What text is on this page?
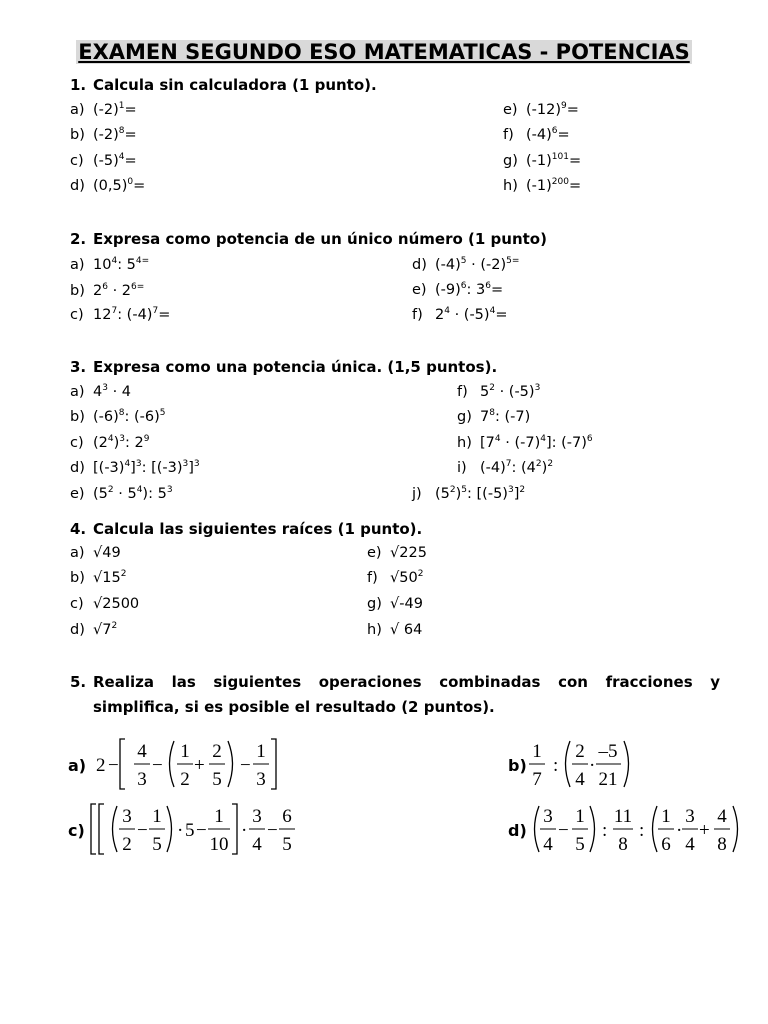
EXAMEN SEGUNDO ESO MATEMATICAS - POTENCIAS
1. Calcula sin calculadora (1 punto).
a) $(-2)^1=$
b) $(-2)^8=$
c) $(-5)^4=$
d) $(0,5)^0=$
e) $(-12)^9=$
f) $(-4)^6=$
g) $(-1)^{101}=$
h) $(-1)^{200}=$
2. Expresa como potencia de un único número (1 punto)
a) $10^4$: $5^{4=}$
b) $2^6 \cdot 2^{6=}$
c) $12^7$: $(-4)^7=$
d) $(-4)^5 \cdot (-2)^{5=}$
e) $(-9)^6$: $3^6=$
f) $2^4 \cdot (-5)^4=$
3. Expresa como una potencia única. (1,5 puntos).
a) $4^3 \cdot 4$
b) $(-6)^8$: $(-6)^5$
c) $(2^4)^3$: $2^9$
d) $[(-3)^4]^3$: $[(-3)^3]^3$
e) $(5^2 \cdot 5^4)$: $5^3$
f) $5^2 \cdot (-5)^3$
g) $7^8$: (-7)
h) $[7^4 \cdot (-7)^4]$: $(-7)^6$
i) $(-4)^7$: $(4^2)^2$
j) $(5^2)^5$: $[(-5)^3]^2$
4. Calcula las siguientes raíces (1 punto).
a) √49
b) $√15^2$
c) √2500
d) $√7^2$
e) √225
f) $√50^2$
g) √-49
h) √ 64
5. Realiza las siguientes operaciones combinadas con fracciones y
simplifica, si es posible el resultado (2 puntos).
a) 2 −
4
3
−
1
2
+
2
5
−
1
3
b)
1
7
:
2
4
·
–5
21
c)
3
2
−
1
5
· 5 −
1
10
·
3
4
−
6
5
d)
3
4
−
1
5
:
11
8
:
1
6
·
3
4
+
4
8
